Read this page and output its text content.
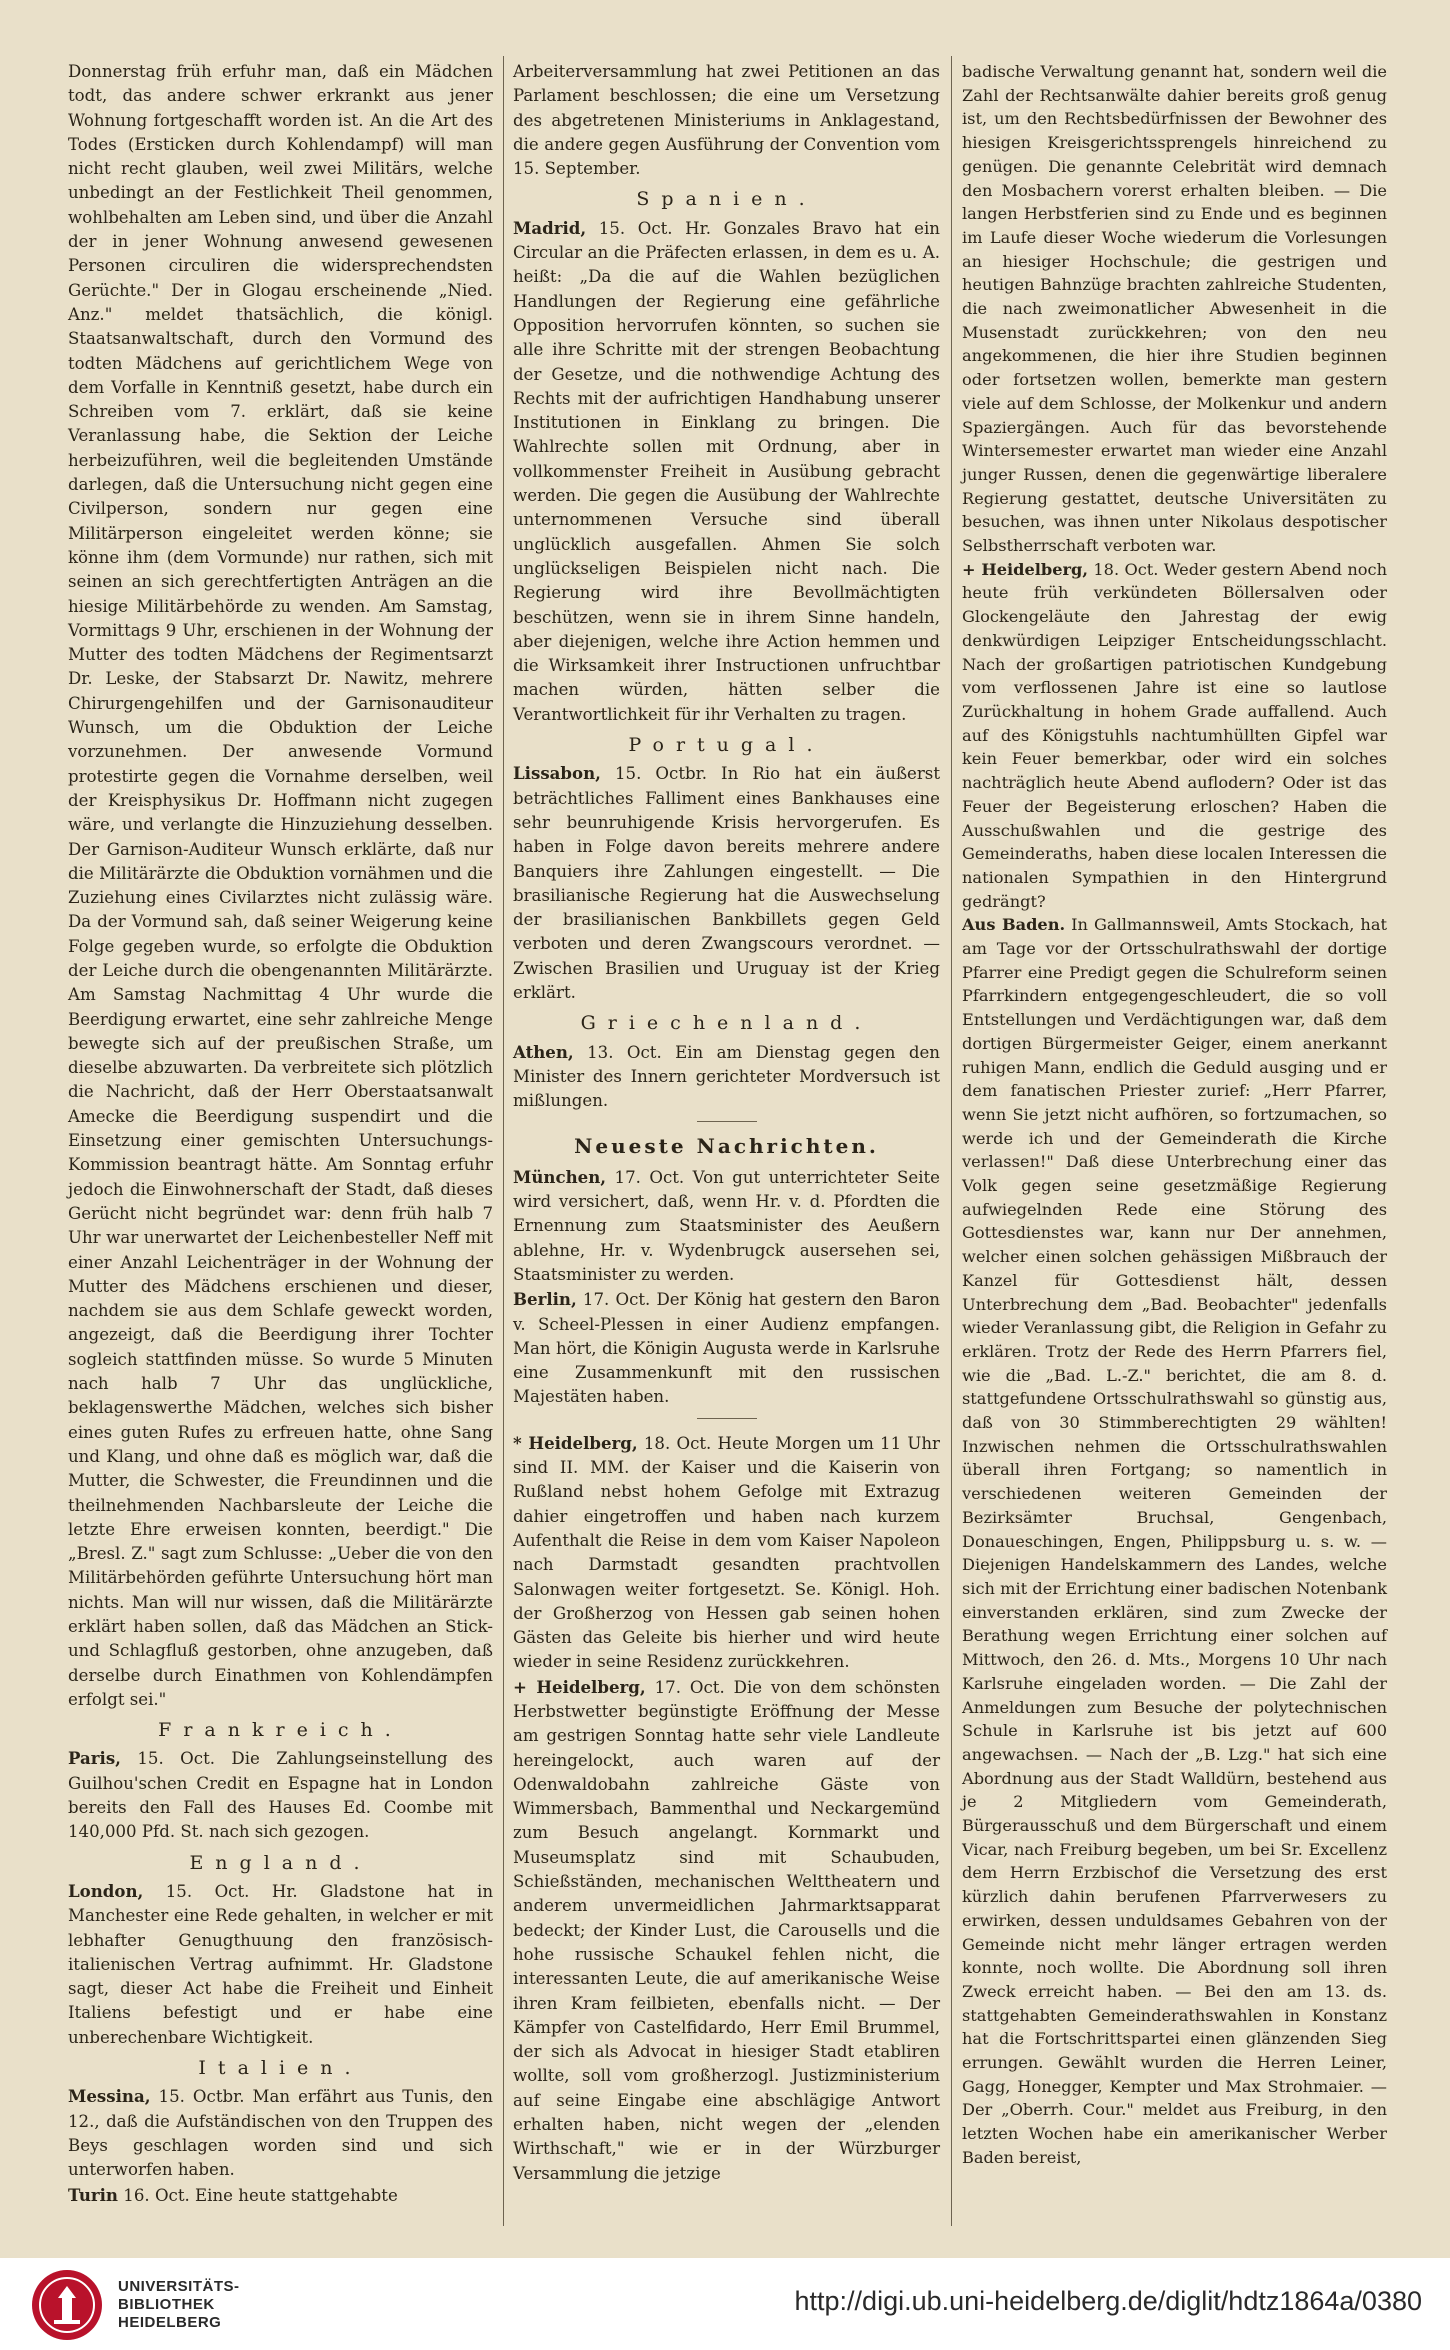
Donnerstag früh erfuhr man, daß ein Mädchen todt, das andere schwer erkrankt aus jener Wohnung fortgeschafft worden ist. An die Art des Todes (Ersticken durch Kohlendampf) will man nicht recht glauben, weil zwei Militärs, welche unbedingt an der Festlichkeit Theil genommen, wohlbehalten am Leben sind, und über die Anzahl der in jener Wohnung anwesend gewesenen Personen circuliren die widersprechendsten Gerüchte." Der in Glogau erscheinende „Nied. Anz." meldet thatsächlich, die königl. Staatsanwaltschaft, durch den Vormund des todten Mädchens auf gerichtlichem Wege von dem Vorfalle in Kenntniß gesetzt, habe durch ein Schreiben vom 7. erklärt, daß sie keine Veranlassung habe, die Sektion der Leiche herbeizuführen, weil die begleitenden Umstände darlegen, daß die Untersuchung nicht gegen eine Civilperson, sondern nur gegen eine Militärperson eingeleitet werden könne; sie könne ihm (dem Vormunde) nur rathen, sich mit seinen an sich gerechtfertigten Anträgen an die hiesige Militärbehörde zu wenden. Am Samstag, Vormittags 9 Uhr, erschienen in der Wohnung der Mutter des todten Mädchens der Regimentsarzt Dr. Leske, der Stabsarzt Dr. Nawitz, mehrere Chirurgengehilfen und der Garnisonauditeur Wunsch, um die Obduktion der Leiche vorzunehmen. Der anwesende Vormund protestirte gegen die Vornahme derselben, weil der Kreisphysikus Dr. Hoffmann nicht zugegen wäre, und verlangte die Hinzuziehung desselben. Der Garnison-Auditeur Wunsch erklärte, daß nur die Militärärzte die Obduktion vornähmen und die Zuziehung eines Civilarztes nicht zulässig wäre. Da der Vormund sah, daß seiner Weigerung keine Folge gegeben wurde, so erfolgte die Obduktion der Leiche durch die obengenannten Militärärzte. Am Samstag Nachmittag 4 Uhr wurde die Beerdigung erwartet, eine sehr zahlreiche Menge bewegte sich auf der preußischen Straße, um dieselbe abzuwarten. Da verbreitete sich plötzlich die Nachricht, daß der Herr Oberstaatsanwalt Amecke die Beerdigung suspendirt und die Einsetzung einer gemischten Untersuchungs-Kommission beantragt hätte. Am Sonntag erfuhr jedoch die Einwohnerschaft der Stadt, daß dieses Gerücht nicht begründet war: denn früh halb 7 Uhr war unerwartet der Leichenbesteller Neff mit einer Anzahl Leichenträger in der Wohnung der Mutter des Mädchens erschienen und dieser, nachdem sie aus dem Schlafe geweckt worden, angezeigt, daß die Beerdigung ihrer Tochter sogleich stattfinden müsse. So wurde 5 Minuten nach halb 7 Uhr das unglückliche, beklagenswerthe Mädchen, welches sich bisher eines guten Rufes zu erfreuen hatte, ohne Sang und Klang, und ohne daß es möglich war, daß die Mutter, die Schwester, die Freundinnen und die theilnehmenden Nachbarsleute der Leiche die letzte Ehre erweisen konnten, beerdigt." Die „Bresl. Z." sagt zum Schlusse: „Ueber die von den Militärbehörden geführte Untersuchung hört man nichts. Man will nur wissen, daß die Militärärzte erklärt haben sollen, daß das Mädchen an Stick- und Schlagfluß gestorben, ohne anzugeben, daß derselbe durch Einathmen von Kohlendämpfen erfolgt sei."

Frankreich.

Paris, 15. Oct. Die Zahlungseinstellung des Guilhou'schen Credit en Espagne hat in London bereits den Fall des Hauses Ed. Coombe mit 140,000 Pfd. St. nach sich gezogen.

England.

London, 15. Oct. Hr. Gladstone hat in Manchester eine Rede gehalten, in welcher er mit lebhafter Genugthuung den französisch-italienischen Vertrag aufnimmt. Hr. Gladstone sagt, dieser Act habe die Freiheit und Einheit Italiens befestigt und er habe eine unberechenbare Wichtigkeit.

Italien.

Messina, 15. Octbr. Man erfährt aus Tunis, den 12., daß die Aufständischen von den Truppen des Beys geschlagen worden sind und sich unterworfen haben.

Turin 16. Oct. Eine heute stattgehabte

Arbeiterversammlung hat zwei Petitionen an das Parlament beschlossen; die eine um Versetzung des abgetretenen Ministeriums in Anklagestand, die andere gegen Ausführung der Convention vom 15. September.

Spanien.

Madrid, 15. Oct. Hr. Gonzales Bravo hat ein Circular an die Präfecten erlassen, in dem es u. A. heißt: „Da die auf die Wahlen bezüglichen Handlungen der Regierung eine gefährliche Opposition hervorrufen könnten, so suchen sie alle ihre Schritte mit der strengen Beobachtung der Gesetze, und die nothwendige Achtung des Rechts mit der aufrichtigen Handhabung unserer Institutionen in Einklang zu bringen. Die Wahlrechte sollen mit Ordnung, aber in vollkommenster Freiheit in Ausübung gebracht werden. Die gegen die Ausübung der Wahlrechte unternommenen Versuche sind überall unglücklich ausgefallen. Ahmen Sie solch unglückseligen Beispielen nicht nach. Die Regierung wird ihre Bevollmächtigten beschützen, wenn sie in ihrem Sinne handeln, aber diejenigen, welche ihre Action hemmen und die Wirksamkeit ihrer Instructionen unfruchtbar machen würden, hätten selber die Verantwortlichkeit für ihr Verhalten zu tragen.

Portugal.

Lissabon, 15. Octbr. In Rio hat ein äußerst beträchtliches Falliment eines Bankhauses eine sehr beunruhigende Krisis hervorgerufen. Es haben in Folge davon bereits mehrere andere Banquiers ihre Zahlungen eingestellt. — Die brasilianische Regierung hat die Auswechselung der brasilianischen Bankbillets gegen Geld verboten und deren Zwangscours verordnet. — Zwischen Brasilien und Uruguay ist der Krieg erklärt.

Griechenland.

Athen, 13. Oct. Ein am Dienstag gegen den Minister des Innern gerichteter Mordversuch ist mißlungen.

Neueste Nachrichten.

München, 17. Oct. Von gut unterrichteter Seite wird versichert, daß, wenn Hr. v. d. Pfordten die Ernennung zum Staatsminister des Aeußern ablehne, Hr. v. Wydenbrugck ausersehen sei, Staatsminister zu werden.

Berlin, 17. Oct. Der König hat gestern den Baron v. Scheel-Plessen in einer Audienz empfangen. Man hört, die Königin Augusta werde in Karlsruhe eine Zusammenkunft mit den russischen Majestäten haben.

* Heidelberg, 18. Oct. Heute Morgen um 11 Uhr sind II. MM. der Kaiser und die Kaiserin von Rußland nebst hohem Gefolge mit Extrazug dahier eingetroffen und haben nach kurzem Aufenthalt die Reise in dem vom Kaiser Napoleon nach Darmstadt gesandten prachtvollen Salonwagen weiter fortgesetzt. Se. Königl. Hoh. der Großherzog von Hessen gab seinen hohen Gästen das Geleite bis hierher und wird heute wieder in seine Residenz zurückkehren.

+ Heidelberg, 17. Oct. Die von dem schönsten Herbstwetter begünstigte Eröffnung der Messe am gestrigen Sonntag hatte sehr viele Landleute hereingelockt, auch waren auf der Odenwaldobahn zahlreiche Gäste von Wimmersbach, Bammenthal und Neckargemünd zum Besuch angelangt. Kornmarkt und Museumsplatz sind mit Schaubuden, Schießständen, mechanischen Welttheatern und anderem unvermeidlichen Jahrmarktsapparat bedeckt; der Kinder Lust, die Carousells und die hohe russische Schaukel fehlen nicht, die interessanten Leute, die auf amerikanische Weise ihren Kram feilbieten, ebenfalls nicht. — Der Kämpfer von Castelfidardo, Herr Emil Brummel, der sich als Advocat in hiesiger Stadt etabliren wollte, soll vom großherzogl. Justizministerium auf seine Eingabe eine abschlägige Antwort erhalten haben, nicht wegen der „elenden Wirthschaft," wie er in der Würzburger Versammlung die jetzige

badische Verwaltung genannt hat, sondern weil die Zahl der Rechtsanwälte dahier bereits groß genug ist, um den Rechtsbedürfnissen der Bewohner des hiesigen Kreisgerichtssprengels hinreichend zu genügen. Die genannte Celebrität wird demnach den Mosbachern vorerst erhalten bleiben. — Die langen Herbstferien sind zu Ende und es beginnen im Laufe dieser Woche wiederum die Vorlesungen an hiesiger Hochschule; die gestrigen und heutigen Bahnzüge brachten zahlreiche Studenten, die nach zweimonatlicher Abwesenheit in die Musenstadt zurückkehren; von den neu angekommenen, die hier ihre Studien beginnen oder fortsetzen wollen, bemerkte man gestern viele auf dem Schlosse, der Molkenkur und andern Spaziergängen. Auch für das bevorstehende Wintersemester erwartet man wieder eine Anzahl junger Russen, denen die gegenwärtige liberalere Regierung gestattet, deutsche Universitäten zu besuchen, was ihnen unter Nikolaus despotischer Selbstherrschaft verboten war.

+ Heidelberg, 18. Oct. Weder gestern Abend noch heute früh verkündeten Böllersalven oder Glockengeläute den Jahrestag der ewig denkwürdigen Leipziger Entscheidungsschlacht. Nach der großartigen patriotischen Kundgebung vom verflossenen Jahre ist eine so lautlose Zurückhaltung in hohem Grade auffallend. Auch auf des Königstuhls nachtumhüllten Gipfel war kein Feuer bemerkbar, oder wird ein solches nachträglich heute Abend auflodern? Oder ist das Feuer der Begeisterung erloschen? Haben die Ausschußwahlen und die gestrige des Gemeinderaths, haben diese localen Interessen die nationalen Sympathien in den Hintergrund gedrängt?

Aus Baden. In Gallmannsweil, Amts Stockach, hat am Tage vor der Ortsschulrathswahl der dortige Pfarrer eine Predigt gegen die Schulreform seinen Pfarrkindern entgegengeschleudert, die so voll Entstellungen und Verdächtigungen war, daß dem dortigen Bürgermeister Geiger, einem anerkannt ruhigen Mann, endlich die Geduld ausging und er dem fanatischen Priester zurief: „Herr Pfarrer, wenn Sie jetzt nicht aufhören, so fortzumachen, so werde ich und der Gemeinderath die Kirche verlassen!" Daß diese Unterbrechung einer das Volk gegen seine gesetzmäßige Regierung aufwiegelnden Rede eine Störung des Gottesdienstes war, kann nur Der annehmen, welcher einen solchen gehässigen Mißbrauch der Kanzel für Gottesdienst hält, dessen Unterbrechung dem „Bad. Beobachter" jedenfalls wieder Veranlassung gibt, die Religion in Gefahr zu erklären. Trotz der Rede des Herrn Pfarrers fiel, wie die „Bad. L.-Z." berichtet, die am 8. d. stattgefundene Ortsschulrathswahl so günstig aus, daß von 30 Stimmberechtigten 29 wählten! Inzwischen nehmen die Ortsschulrathswahlen überall ihren Fortgang; so namentlich in verschiedenen weiteren Gemeinden der Bezirksämter Bruchsal, Gengenbach, Donaueschingen, Engen, Philippsburg u. s. w. — Diejenigen Handelskammern des Landes, welche sich mit der Errichtung einer badischen Notenbank einverstanden erklären, sind zum Zwecke der Berathung wegen Errichtung einer solchen auf Mittwoch, den 26. d. Mts., Morgens 10 Uhr nach Karlsruhe eingeladen worden. — Die Zahl der Anmeldungen zum Besuche der polytechnischen Schule in Karlsruhe ist bis jetzt auf 600 angewachsen. — Nach der „B. Lzg." hat sich eine Abordnung aus der Stadt Walldürn, bestehend aus je 2 Mitgliedern vom Gemeinderath, Bürgerausschuß und dem Bürgerschaft und einem Vicar, nach Freiburg begeben, um bei Sr. Excellenz dem Herrn Erzbischof die Versetzung des erst kürzlich dahin berufenen Pfarrverwesers zu erwirken, dessen unduldsames Gebahren von der Gemeinde nicht mehr länger ertragen werden konnte, noch wollte. Die Abordnung soll ihren Zweck erreicht haben. — Bei den am 13. ds. stattgehabten Gemeinderathswahlen in Konstanz hat die Fortschrittspartei einen glänzenden Sieg errungen. Gewählt wurden die Herren Leiner, Gagg, Honegger, Kempter und Max Strohmaier. — Der „Oberrh. Cour." meldet aus Freiburg, in den letzten Wochen habe ein amerikanischer Werber Baden bereist,

UNIVERSITÄTS-
BIBLIOTHEK
HEIDELBERG
http://digi.ub.uni-heidelberg.de/diglit/hdtz1864a/0380
